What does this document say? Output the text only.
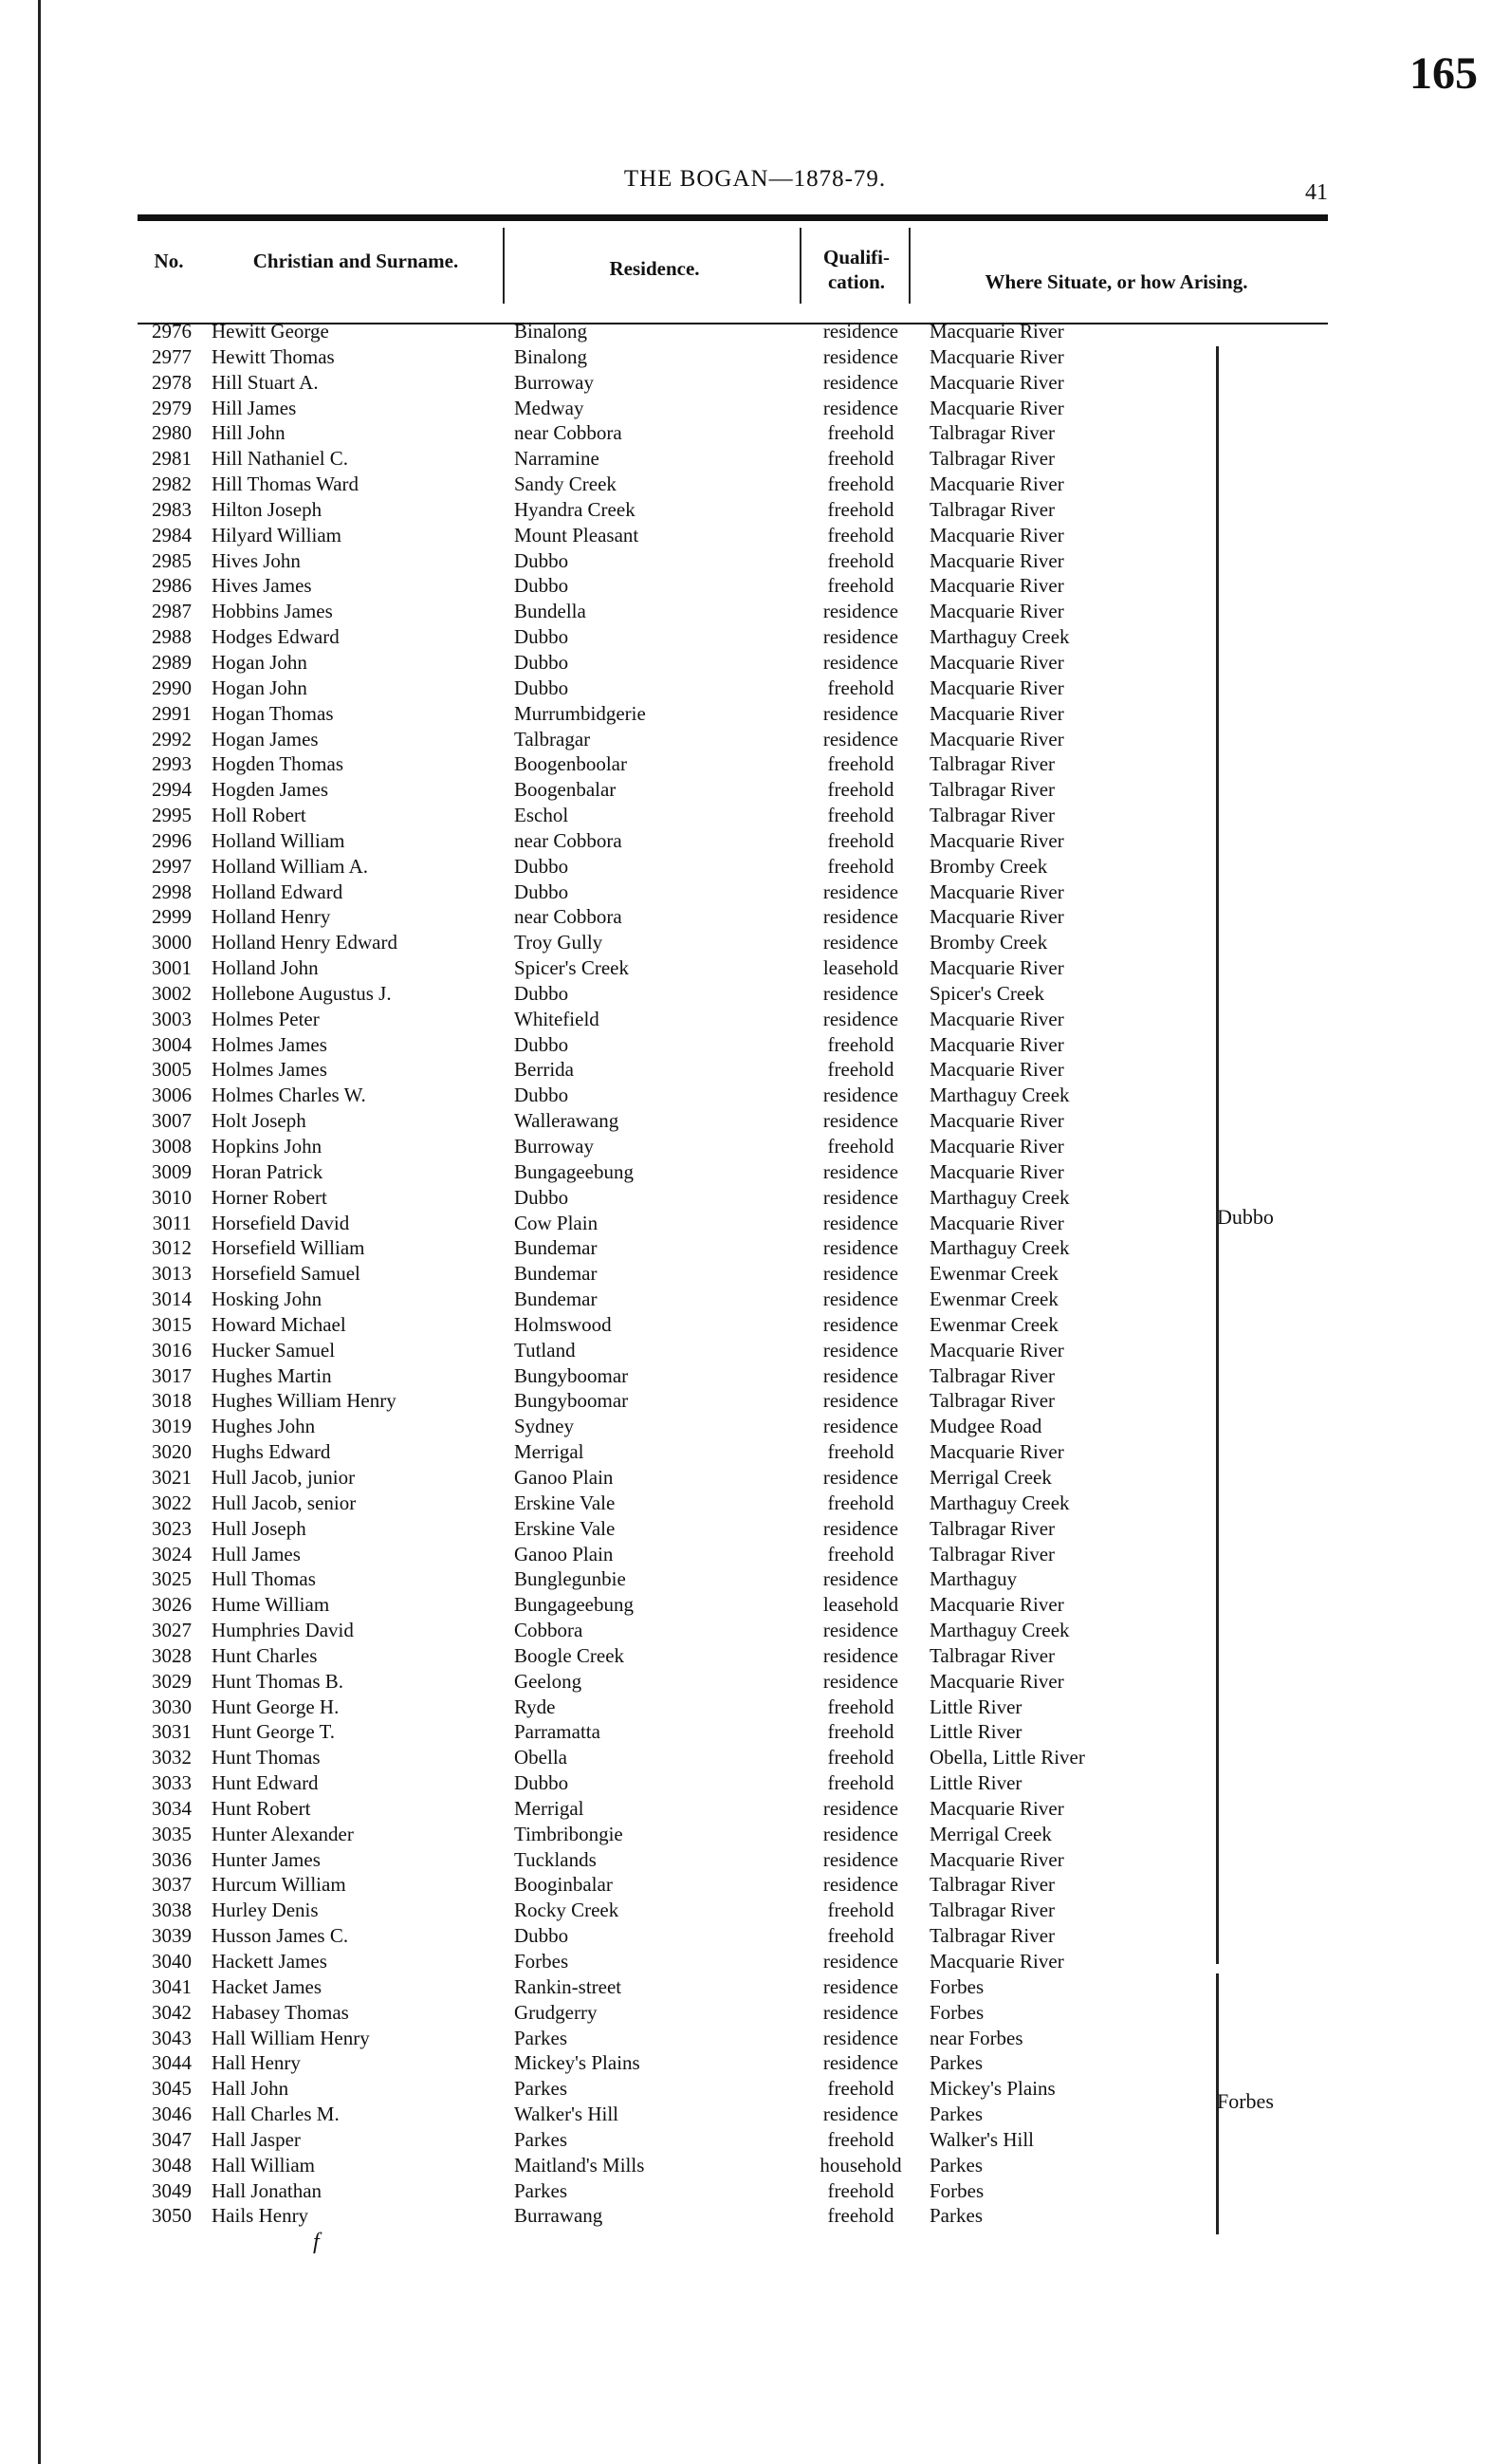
165
THE BOGAN—1878-79.
41
No.	Christian and Surname.	Residence.	Qualifi-
cation.	Where Situate, or how Arising.
2976 Hewitt George	Binalong	residence	Macquarie River
2977 Hewitt Thomas	Binalong	residence	Macquarie River
2978 Hill Stuart A.	Burroway	residence	Macquarie River
2979 Hill James	Medway	residence	Macquarie River
2980 Hill John	near Cobbora	freehold	Talbragar River
2981 Hill Nathaniel C.	Narramine	freehold	Talbragar River
2982 Hill Thomas Ward	Sandy Creek	freehold	Macquarie River
2983 Hilton Joseph	Hyandra Creek	freehold	Talbragar River
2984 Hilyard William	Mount Pleasant	freehold	Macquarie River
2985 Hives John	Dubbo	freehold	Macquarie River
2986 Hives James	Dubbo	freehold	Macquarie River
2987 Hobbins James	Bundella	residence	Macquarie River
2988 Hodges Edward	Dubbo	residence	Marthaguy Creek
2989 Hogan John	Dubbo	residence	Macquarie River
2990 Hogan John	Dubbo	freehold	Macquarie River
2991 Hogan Thomas	Murrumbidgerie	residence	Macquarie River
2992 Hogan James	Talbragar	residence	Macquarie River
2993 Hogden Thomas	Boogenboolar	freehold	Talbragar River
2994 Hogden James	Boogenbalar	freehold	Talbragar River
2995 Holl Robert	Eschol	freehold	Talbragar River
2996 Holland William	near Cobbora	freehold	Macquarie River
2997 Holland William A.	Dubbo	freehold	Bromby Creek
2998 Holland Edward	Dubbo	residence	Macquarie River
2999 Holland Henry	near Cobbora	residence	Macquarie River
3000 Holland Henry Edward	Troy Gully	residence	Bromby Creek
3001 Holland John	Spicer's Creek	leasehold	Macquarie River
3002 Hollebone Augustus J.	Dubbo	residence	Spicer's Creek
3003 Holmes Peter	Whitefield	residence	Macquarie River
3004 Holmes James	Dubbo	freehold	Macquarie River
3005 Holmes James	Berrida	freehold	Macquarie River
3006 Holmes Charles W.	Dubbo	residence	Marthaguy Creek
3007 Holt Joseph	Wallerawang	residence	Macquarie River
3008 Hopkins John	Burroway	freehold	Macquarie River
3009 Horan Patrick	Bungageebung	residence	Macquarie River
3010 Horner Robert	Dubbo	residence	Marthaguy Creek
3011 Horsefield David	Cow Plain	residence	Macquarie River
3012 Horsefield William	Bundemar	residence	Marthaguy Creek
3013 Horsefield Samuel	Bundemar	residence	Ewenmar Creek
3014 Hosking John	Bundemar	residence	Ewenmar Creek
3015 Howard Michael	Holmswood	residence	Ewenmar Creek
3016 Hucker Samuel	Tutland	residence	Macquarie River
3017 Hughes Martin	Bungyboomar	residence	Talbragar River
3018 Hughes William Henry	Bungyboomar	residence	Talbragar River
3019 Hughes John	Sydney	residence	Mudgee Road
3020 Hughs Edward	Merrigal	freehold	Macquarie River
3021 Hull Jacob, junior	Ganoo Plain	residence	Merrigal Creek
3022 Hull Jacob, senior	Erskine Vale	freehold	Marthaguy Creek
3023 Hull Joseph	Erskine Vale	residence	Talbragar River
3024 Hull James	Ganoo Plain	freehold	Talbragar River
3025 Hull Thomas	Bunglegunbie	residence	Marthaguy
3026 Hume William	Bungageebung	leasehold	Macquarie River
3027 Humphries David	Cobbora	residence	Marthaguy Creek
3028 Hunt Charles	Boogle Creek	residence	Talbragar River
3029 Hunt Thomas B.	Geelong	residence	Macquarie River
3030 Hunt George H.	Ryde	freehold	Little River
3031 Hunt George T.	Parramatta	freehold	Little River
3032 Hunt Thomas	Obella	freehold	Obella, Little River
3033 Hunt Edward	Dubbo	freehold	Little River
3034 Hunt Robert	Merrigal	residence	Macquarie River
3035 Hunter Alexander	Timbribongie	residence	Merrigal Creek
3036 Hunter James	Tucklands	residence	Macquarie River
3037 Hurcum William	Booginbalar	residence	Talbragar River
3038 Hurley Denis	Rocky Creek	freehold	Talbragar River
3039 Husson James C.	Dubbo	freehold	Talbragar River
3040 Hackett James	Forbes	residence	Macquarie River
3041 Hacket James	Rankin-street	residence	Forbes
3042 Habasey Thomas	Grudgerry	residence	Forbes
3043 Hall William Henry	Parkes	residence	near Forbes
3044 Hall Henry	Mickey's Plains	residence	Parkes
3045 Hall John	Parkes	freehold	Mickey's Plains
3046 Hall Charles M.	Walker's Hill	residence	Parkes
3047 Hall Jasper	Parkes	freehold	Walker's Hill
3048 Hall William	Maitland's Mills	household	Parkes
3049 Hall Jonathan	Parkes	freehold	Forbes
3050 Hails Henry	Burrawang	freehold	Parkes
Dubbo
Forbes
f
